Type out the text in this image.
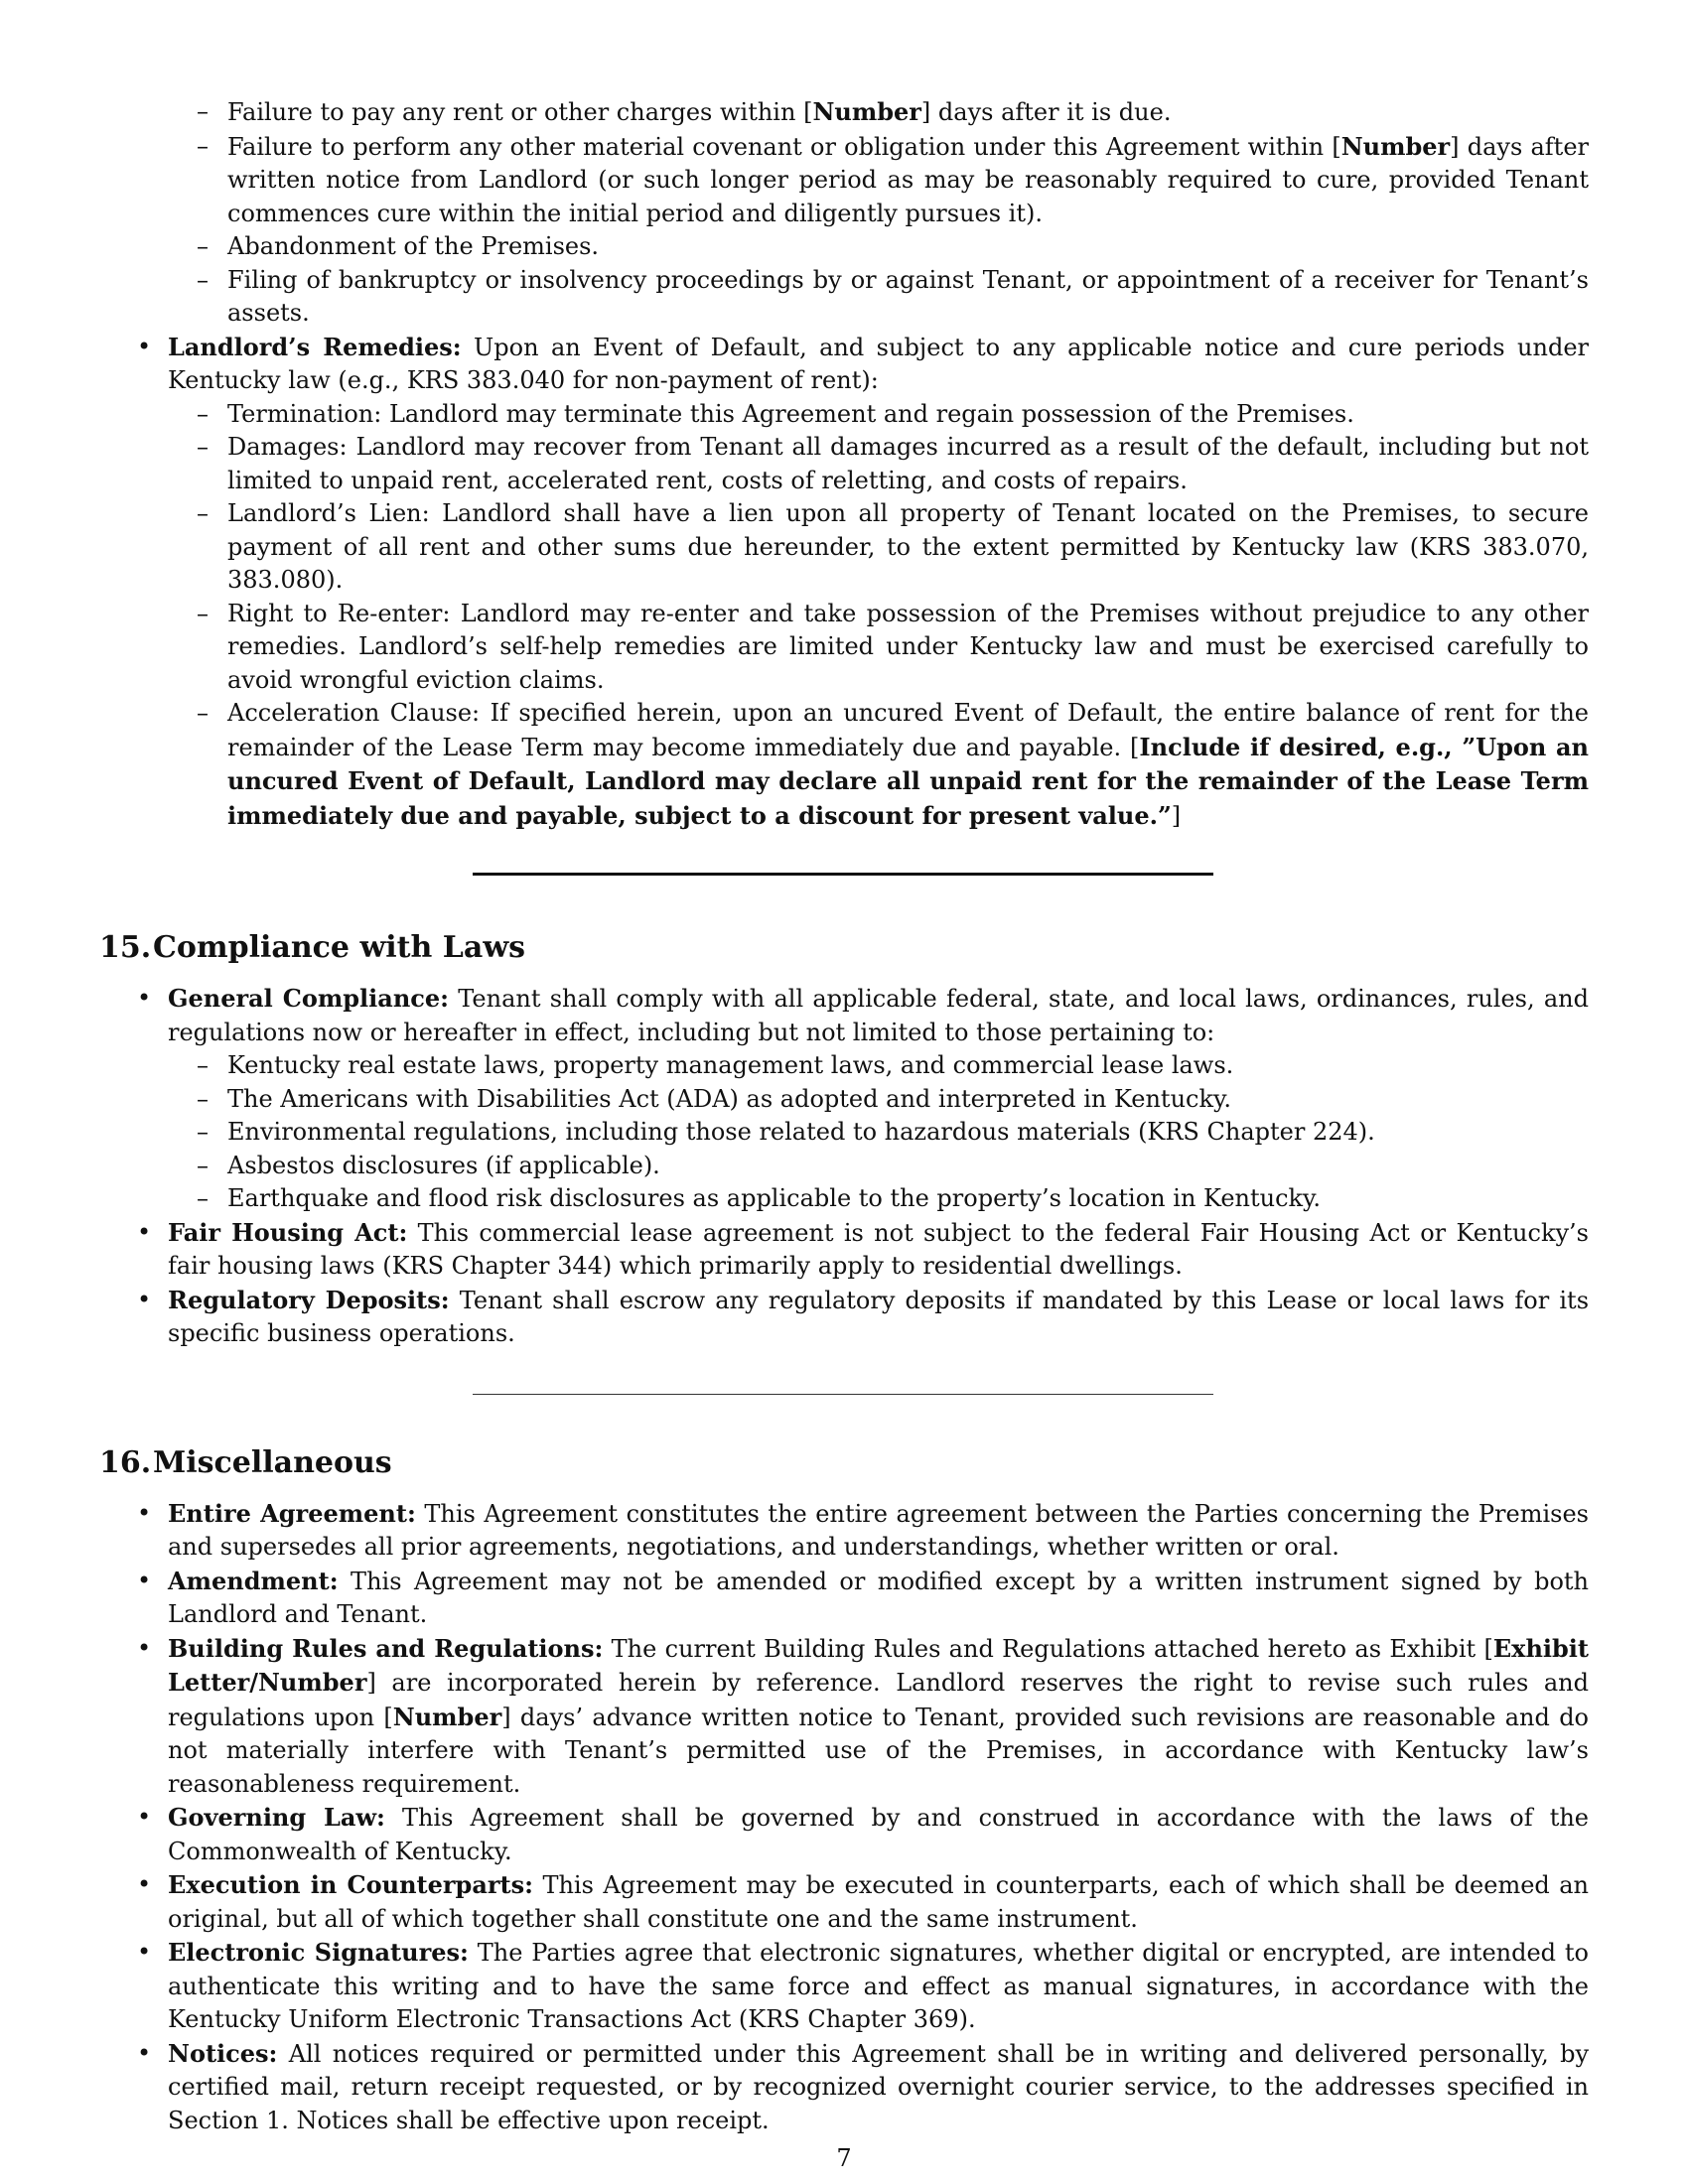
– Failure to pay any rent or other charges within [Number] days after it is due.
– Failure to perform any other material covenant or obligation under this Agreement within [Number] days after written notice from Landlord (or such longer period as may be reasonably required to cure, provided Tenant commences cure within the initial period and diligently pursues it).
– Abandonment of the Premises.
– Filing of bankruptcy or insolvency proceedings by or against Tenant, or appointment of a receiver for Tenant’s assets.
• Landlord’s Remedies: Upon an Event of Default, and subject to any applicable notice and cure periods under Kentucky law (e.g., KRS 383.040 for non-payment of rent):
– Termination: Landlord may terminate this Agreement and regain possession of the Premises.
– Damages: Landlord may recover from Tenant all damages incurred as a result of the default, including but not limited to unpaid rent, accelerated rent, costs of reletting, and costs of repairs.
– Landlord’s Lien: Landlord shall have a lien upon all property of Tenant located on the Premises, to secure payment of all rent and other sums due hereunder, to the extent permitted by Kentucky law (KRS 383.070, 383.080).
– Right to Re-enter: Landlord may re-enter and take possession of the Premises without prejudice to any other remedies. Landlord’s self-help remedies are limited under Kentucky law and must be exercised carefully to avoid wrongful eviction claims.
– Acceleration Clause: If specified herein, upon an uncured Event of Default, the entire balance of rent for the remainder of the Lease Term may become immediately due and payable. [Include if desired, e.g., ”Upon an uncured Event of Default, Landlord may declare all unpaid rent for the remainder of the Lease Term immediately due and payable, subject to a discount for present value.”]
15.Compliance with Laws
• General Compliance: Tenant shall comply with all applicable federal, state, and local laws, ordinances, rules, and regulations now or hereafter in effect, including but not limited to those pertaining to:
– Kentucky real estate laws, property management laws, and commercial lease laws.
– The Americans with Disabilities Act (ADA) as adopted and interpreted in Kentucky.
– Environmental regulations, including those related to hazardous materials (KRS Chapter 224).
– Asbestos disclosures (if applicable).
– Earthquake and flood risk disclosures as applicable to the property’s location in Kentucky.
• Fair Housing Act: This commercial lease agreement is not subject to the federal Fair Housing Act or Kentucky’s fair housing laws (KRS Chapter 344) which primarily apply to residential dwellings.
• Regulatory Deposits: Tenant shall escrow any regulatory deposits if mandated by this Lease or local laws for its specific business operations.
16.Miscellaneous
• Entire Agreement: This Agreement constitutes the entire agreement between the Parties concerning the Premises and supersedes all prior agreements, negotiations, and understandings, whether written or oral.
• Amendment: This Agreement may not be amended or modified except by a written instrument signed by both Landlord and Tenant.
• Building Rules and Regulations: The current Building Rules and Regulations attached hereto as Exhibit [Exhibit Letter/Number] are incorporated herein by reference. Landlord reserves the right to revise such rules and regulations upon [Number] days’ advance written notice to Tenant, provided such revisions are reasonable and do not materially interfere with Tenant’s permitted use of the Premises, in accordance with Kentucky law’s reasonableness requirement.
• Governing Law: This Agreement shall be governed by and construed in accordance with the laws of the Commonwealth of Kentucky.
• Execution in Counterparts: This Agreement may be executed in counterparts, each of which shall be deemed an original, but all of which together shall constitute one and the same instrument.
• Electronic Signatures: The Parties agree that electronic signatures, whether digital or encrypted, are intended to authenticate this writing and to have the same force and effect as manual signatures, in accordance with the Kentucky Uniform Electronic Transactions Act (KRS Chapter 369).
• Notices: All notices required or permitted under this Agreement shall be in writing and delivered personally, by certified mail, return receipt requested, or by recognized overnight courier service, to the addresses specified in Section 1. Notices shall be effective upon receipt.
7
